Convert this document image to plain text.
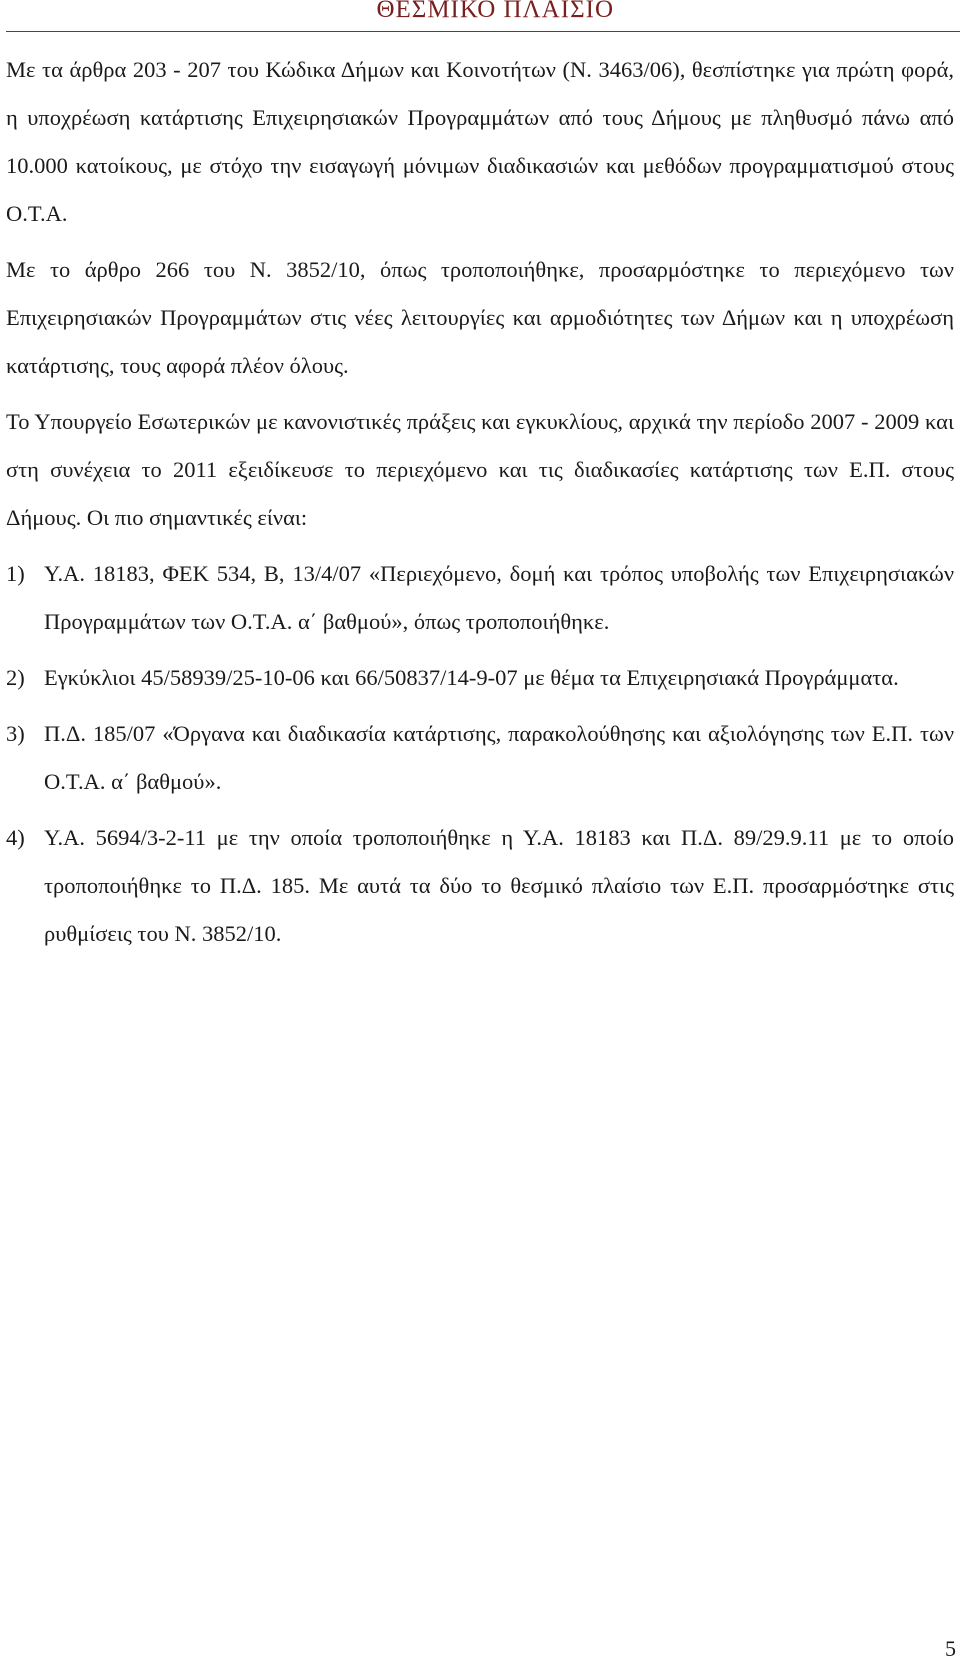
ΘΕΣΜΙΚΟ ΠΛΑΙΣΙΟ

Με τα άρθρα 203 - 207 του Κώδικα Δήμων και Κοινοτήτων (Ν. 3463/06), θεσπίστηκε για πρώτη φορά, η υποχρέωση κατάρτισης Επιχειρησιακών Προγραμμάτων από τους Δήμους με πληθυσμό πάνω από 10.000 κατοίκους, με στόχο την εισαγωγή μόνιμων διαδικασιών και μεθόδων προγραμματισμού στους Ο.Τ.Α.

Με το άρθρο 266 του Ν. 3852/10, όπως τροποποιήθηκε, προσαρμόστηκε το περιεχόμενο των Επιχειρησιακών Προγραμμάτων στις νέες λειτουργίες και αρμοδιότητες των Δήμων και η υποχρέωση κατάρτισης, τους αφορά πλέον όλους.

Το Υπουργείο Εσωτερικών με κανονιστικές πράξεις και εγκυκλίους, αρχικά την περίοδο 2007 - 2009 και στη συνέχεια το 2011 εξειδίκευσε το περιεχόμενο και τις διαδικασίες κατάρτισης των Ε.Π. στους Δήμους. Οι πιο σημαντικές είναι:

1) Υ.Α. 18183, ΦΕΚ 534, Β, 13/4/07 «Περιεχόμενο, δομή και τρόπος υποβολής των Επιχειρησιακών Προγραμμάτων των Ο.Τ.Α. α΄ βαθμού», όπως τροποποιήθηκε.
2) Εγκύκλιοι 45/58939/25-10-06 και 66/50837/14-9-07 με θέμα τα Επιχειρησιακά Προγράμματα.
3) Π.Δ. 185/07 «Όργανα και διαδικασία κατάρτισης, παρακολούθησης και αξιολόγησης των Ε.Π. των Ο.Τ.Α. α΄ βαθμού».
4) Υ.Α. 5694/3-2-11 με την οποία τροποποιήθηκε η Υ.Α. 18183 και Π.Δ. 89/29.9.11 με το οποίο τροποποιήθηκε το Π.Δ. 185. Με αυτά τα δύο το θεσμικό πλαίσιο των Ε.Π. προσαρμόστηκε στις ρυθμίσεις του Ν. 3852/10.
5
